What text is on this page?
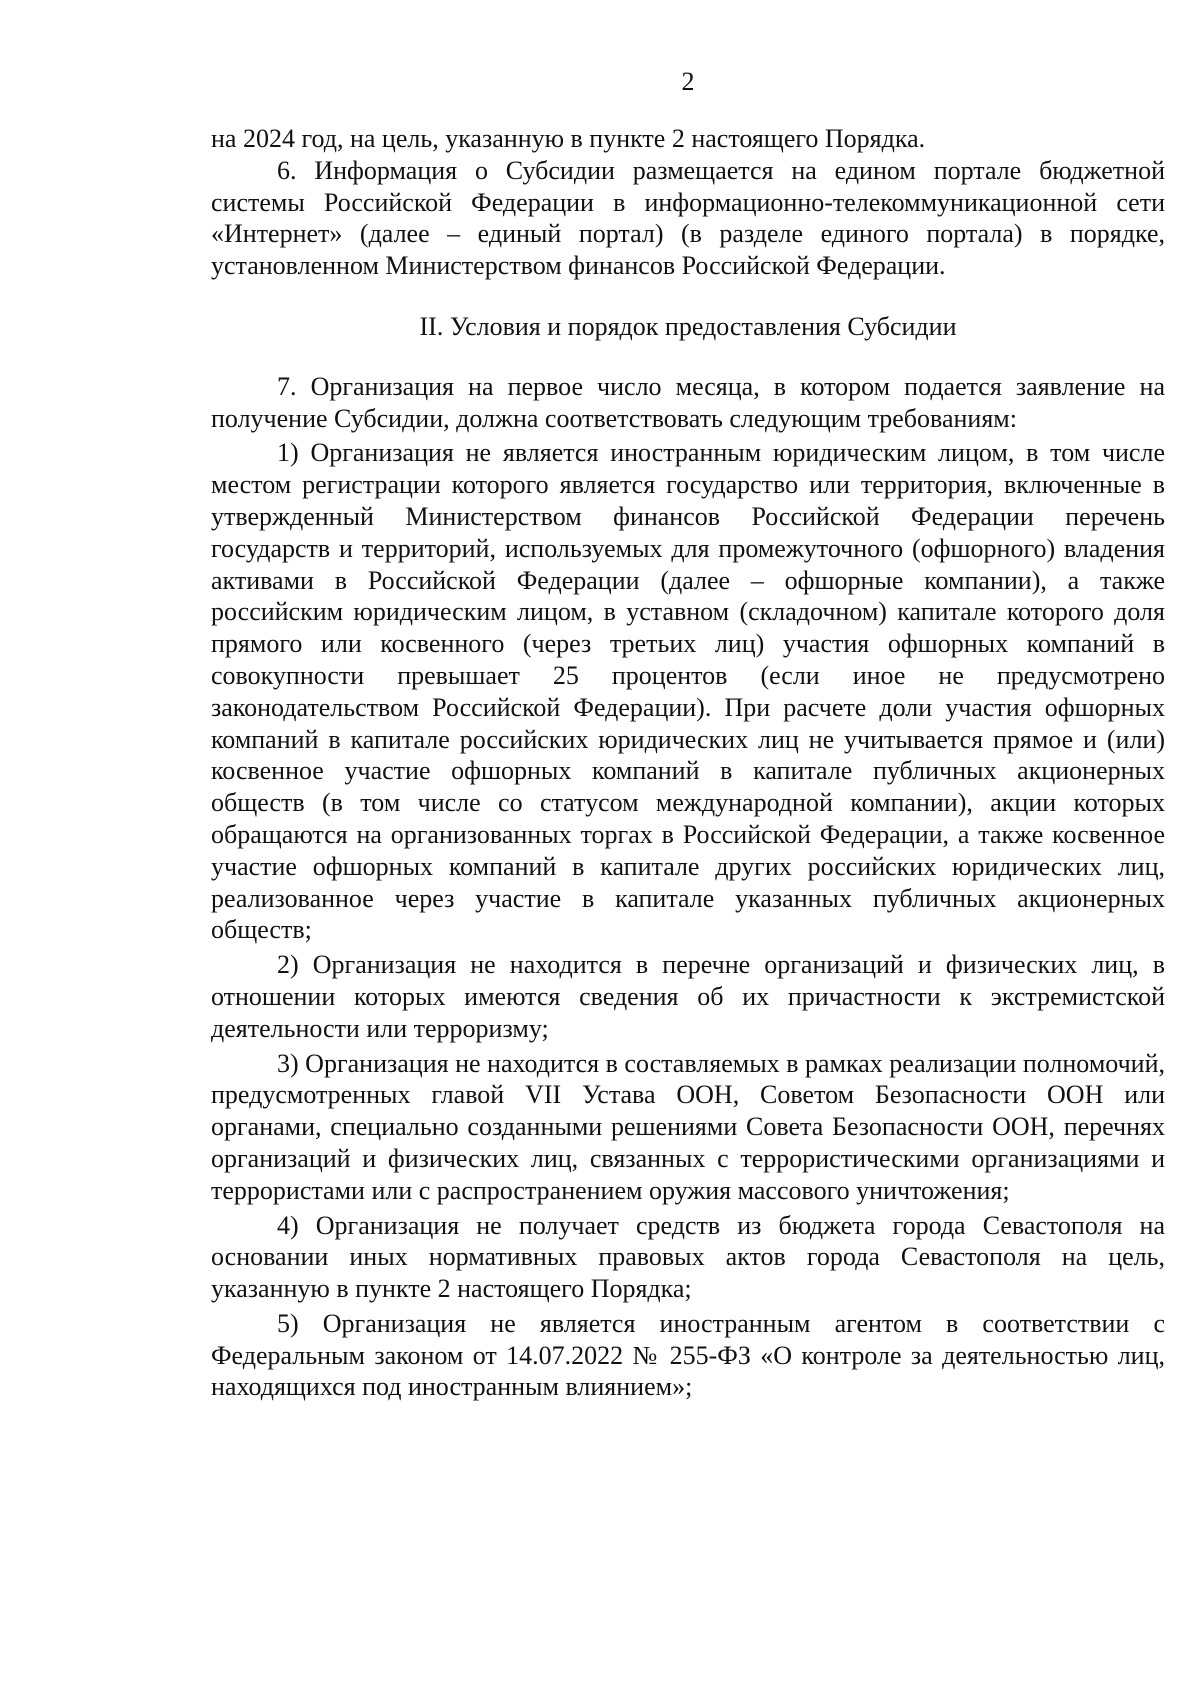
2

на 2024 год, на цель, указанную в пункте 2 настоящего Порядка.

6. Информация о Субсидии размещается на едином портале бюджетной системы Российской Федерации в информационно-телекоммуникационной сети «Интернет» (далее – единый портал) (в разделе единого портала) в порядке, установленном Министерством финансов Российской Федерации.

II. Условия и порядок предоставления Субсидии

7. Организация на первое число месяца, в котором подается заявление на получение Субсидии, должна соответствовать следующим требованиям:

1) Организация не является иностранным юридическим лицом, в том числе местом регистрации которого является государство или территория, включенные в утвержденный Министерством финансов Российской Федерации перечень государств и территорий, используемых для промежуточного (офшорного) владения активами в Российской Федерации (далее – офшорные компании), а также российским юридическим лицом, в уставном (складочном) капитале которого доля прямого или косвенного (через третьих лиц) участия офшорных компаний в совокупности превышает 25 процентов (если иное не предусмотрено законодательством Российской Федерации). При расчете доли участия офшорных компаний в капитале российских юридических лиц не учитывается прямое и (или) косвенное участие офшорных компаний в капитале публичных акционерных обществ (в том числе со статусом международной компании), акции которых обращаются на организованных торгах в Российской Федерации, а также косвенное участие офшорных компаний в капитале других российских юридических лиц, реализованное через участие в капитале указанных публичных акционерных обществ;

2) Организация не находится в перечне организаций и физических лиц, в отношении которых имеются сведения об их причастности к экстремистской деятельности или терроризму;

3) Организация не находится в составляемых в рамках реализации полномочий, предусмотренных главой VII Устава ООН, Советом Безопасности ООН или органами, специально созданными решениями Совета Безопасности ООН, перечнях организаций и физических лиц, связанных с террористическими организациями и террористами или с распространением оружия массового уничтожения;

4) Организация не получает средств из бюджета города Севастополя на основании иных нормативных правовых актов города Севастополя на цель, указанную в пункте 2 настоящего Порядка;

5) Организация не является иностранным агентом в соответствии с Федеральным законом от 14.07.2022 № 255-ФЗ «О контроле за деятельностью лиц, находящихся под иностранным влиянием»;
